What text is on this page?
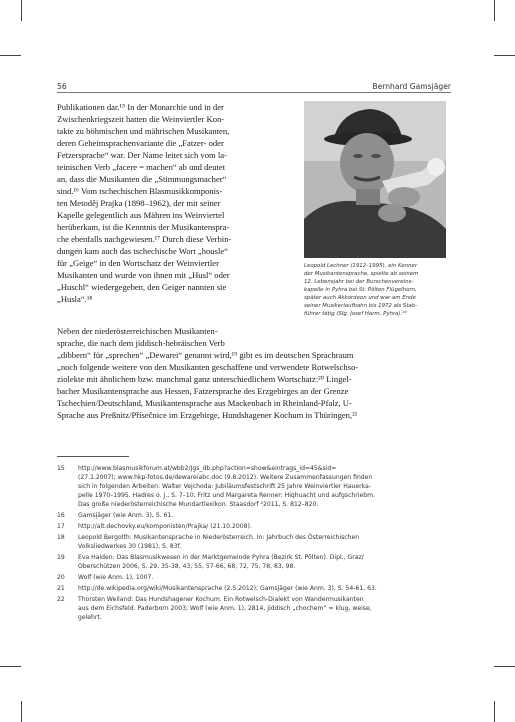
56	Bernhard Gamsjäger
Publikationen dar.¹⁵ In der Monarchie und in der
Zwischenkriegszeit hatten die Weinviertler Kon-
takte zu böhmischen und mährischen Musikanten,
deren Geheimsprachenvariante die „Fatzer- oder
Fetzersprache“ war. Der Name leitet sich vom la-
teinischen Verb „facere = machen“ ab und deutet
an, dass die Musikanten die „Stimmungsmacher“
sind.¹⁶ Vom tschechischen Blasmusikkomponis-
ten Metoděj Prajka (1898–1962), der mit seiner
Kapelle gelegentlich aus Mähren ins Weinviertel
herüberkam, ist die Kenntnis der Musikantenspra-
che ebenfalls nachgewiesen.¹⁷ Durch diese Verbin-
dungen kam auch das tschechische Wort „housle“
für „Geige“ in den Wortschatz der Weinviertler
Musikanten und wurde von ihnen mit „Husl“ oder
„Huschl“ wiedergegeben, den Geiger nannten sie
„Husla“.¹⁸
Neben der niederösterreichischen Musikanten-
sprache, die nach dem jiddisch-hebräischen Verb
„dibbern“ für „sprechen“ „Dewarei“ genannt wird,¹⁹ gibt es im deutschen Sprachraum
„noch folgende weitere von den Musikanten geschaffene und verwendete Rotwelschso-
ziolekte mit ähnlichem bzw. manchmal ganz unterschiedlichem Wortschatz:²⁰ Lingel-
bacher Musikantensprache aus Hessen, Fatzersprache des Erzgebirges an der Grenze
Tschechien/Deutschland, Musikantensprache aus Mackenbach in Rheinland-Pfalz, U-
Sprache aus Preßnitz/Přísečnice im Erzgebirge, Hundshagener Kochum in Thüringen,²¹
Leopold Lechner (1912–1995), ein Kenner
der Musikantensprache, spielte ab seinem
12. Lebensjahr bei der Burschenvereins-
kapelle in Pyhra bei St. Pölten Flügelhorn,
später auch Akkordeon und war am Ende
seiner Musikerlaufbahn bis 1972 als Stab-
führer tätig (Slg. Josef Harm, Pyhra).²²
15 http://www.blasmusikforum.at/wbb2/Jgs_db.php?action=show&eintrags_id=45&sid=
(27.1.2007); www.hkp-fotos.de/dewareiabc.doc (9.8.2012). Weitere Zusammenfassungen finden
sich in folgenden Arbeiten: Walter Vejchoda: Jubiläumsfestschrift 25 Jahre Weinviertler Hauerka-
pelle 1970–1995. Hadres o. J., S. 7–10; Fritz und Margareta Renner: Hiqhuacht und aufgschriebm.
Das große niederösterreichische Mundartlexikon. Staasdorf ²2011, S. 812–820.
16 Gamsjäger (wie Anm. 3), S. 61.
17 http://alt.dechovky.eu/komponisten/Prajka/ (21.10.2008).
18 Leopold Bergolth: Musikantensprache in Niederösterreich. In: Jahrbuch des Österreichischen
Volksliedwerkes 30 (1981), S. 83f.
19 Eva Haiden: Das Blasmusikwesen in der Marktgemeinde Pyhra (Bezirk St. Pölten). Dipl., Graz/
Oberschützen 2006, S. 29, 35-38, 43, 55, 57-66, 68, 72, 75, 78, 83, 98.
20 Wolf (wie Anm. 1), 1007.
21 http://de.wikipedia.org/wiki/Musikantensprache (2.5.2012); Gamsjäger (wie Anm. 3), S. 54-61, 63.
22 Thorsten Weiland: Das Hundshagener Kochum. Ein Rotwelsch-Dialekt von Wandermusikanten
aus dem Eichsfeld. Paderborn 2003; Wolf (wie Anm. 1), 2814, jiddisch „chochem“ = klug, weise,
gelehrt.
